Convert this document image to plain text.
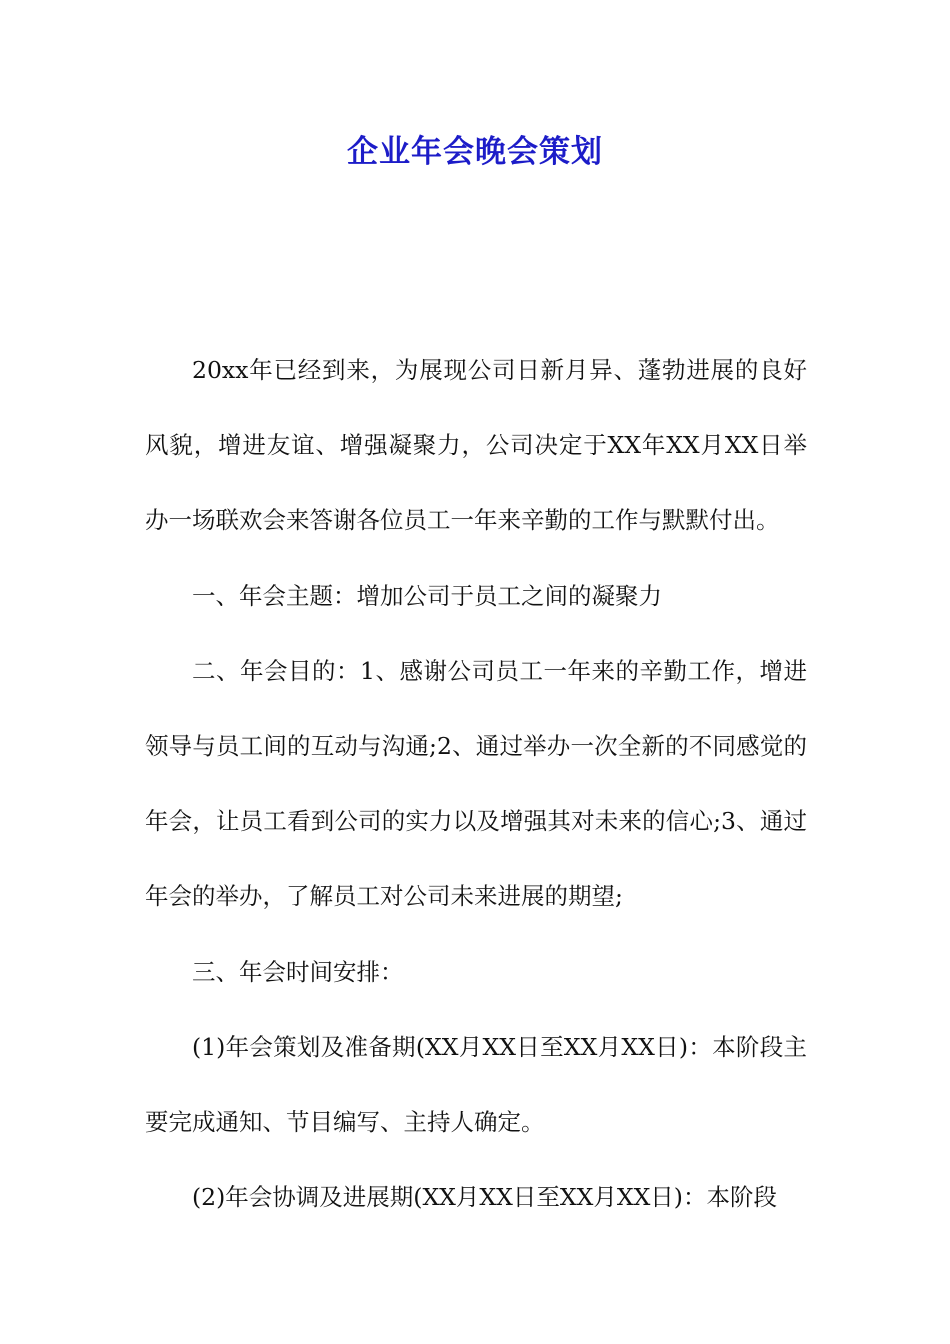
企业年会晚会策划

20xx年已经到来，为展现公司日新月异、蓬勃进展的良好风貌，增进友谊、增强凝聚力，公司决定于XX年XX月XX日举办一场联欢会来答谢各位员工一年来辛勤的工作与默默付出。

一、年会主题：增加公司于员工之间的凝聚力

二、年会目的：1、感谢公司员工一年来的辛勤工作，增进领导与员工间的互动与沟通;2、通过举办一次全新的不同感觉的年会，让员工看到公司的实力以及增强其对未来的信心;3、通过年会的举办，了解员工对公司未来进展的期望;

三、年会时间安排：

(1)年会策划及准备期(XX月XX日至XX月XX日)：本阶段主要完成通知、节目编写、主持人确定。

(2)年会协调及进展期(XX月XX日至XX月XX日)：本阶段
